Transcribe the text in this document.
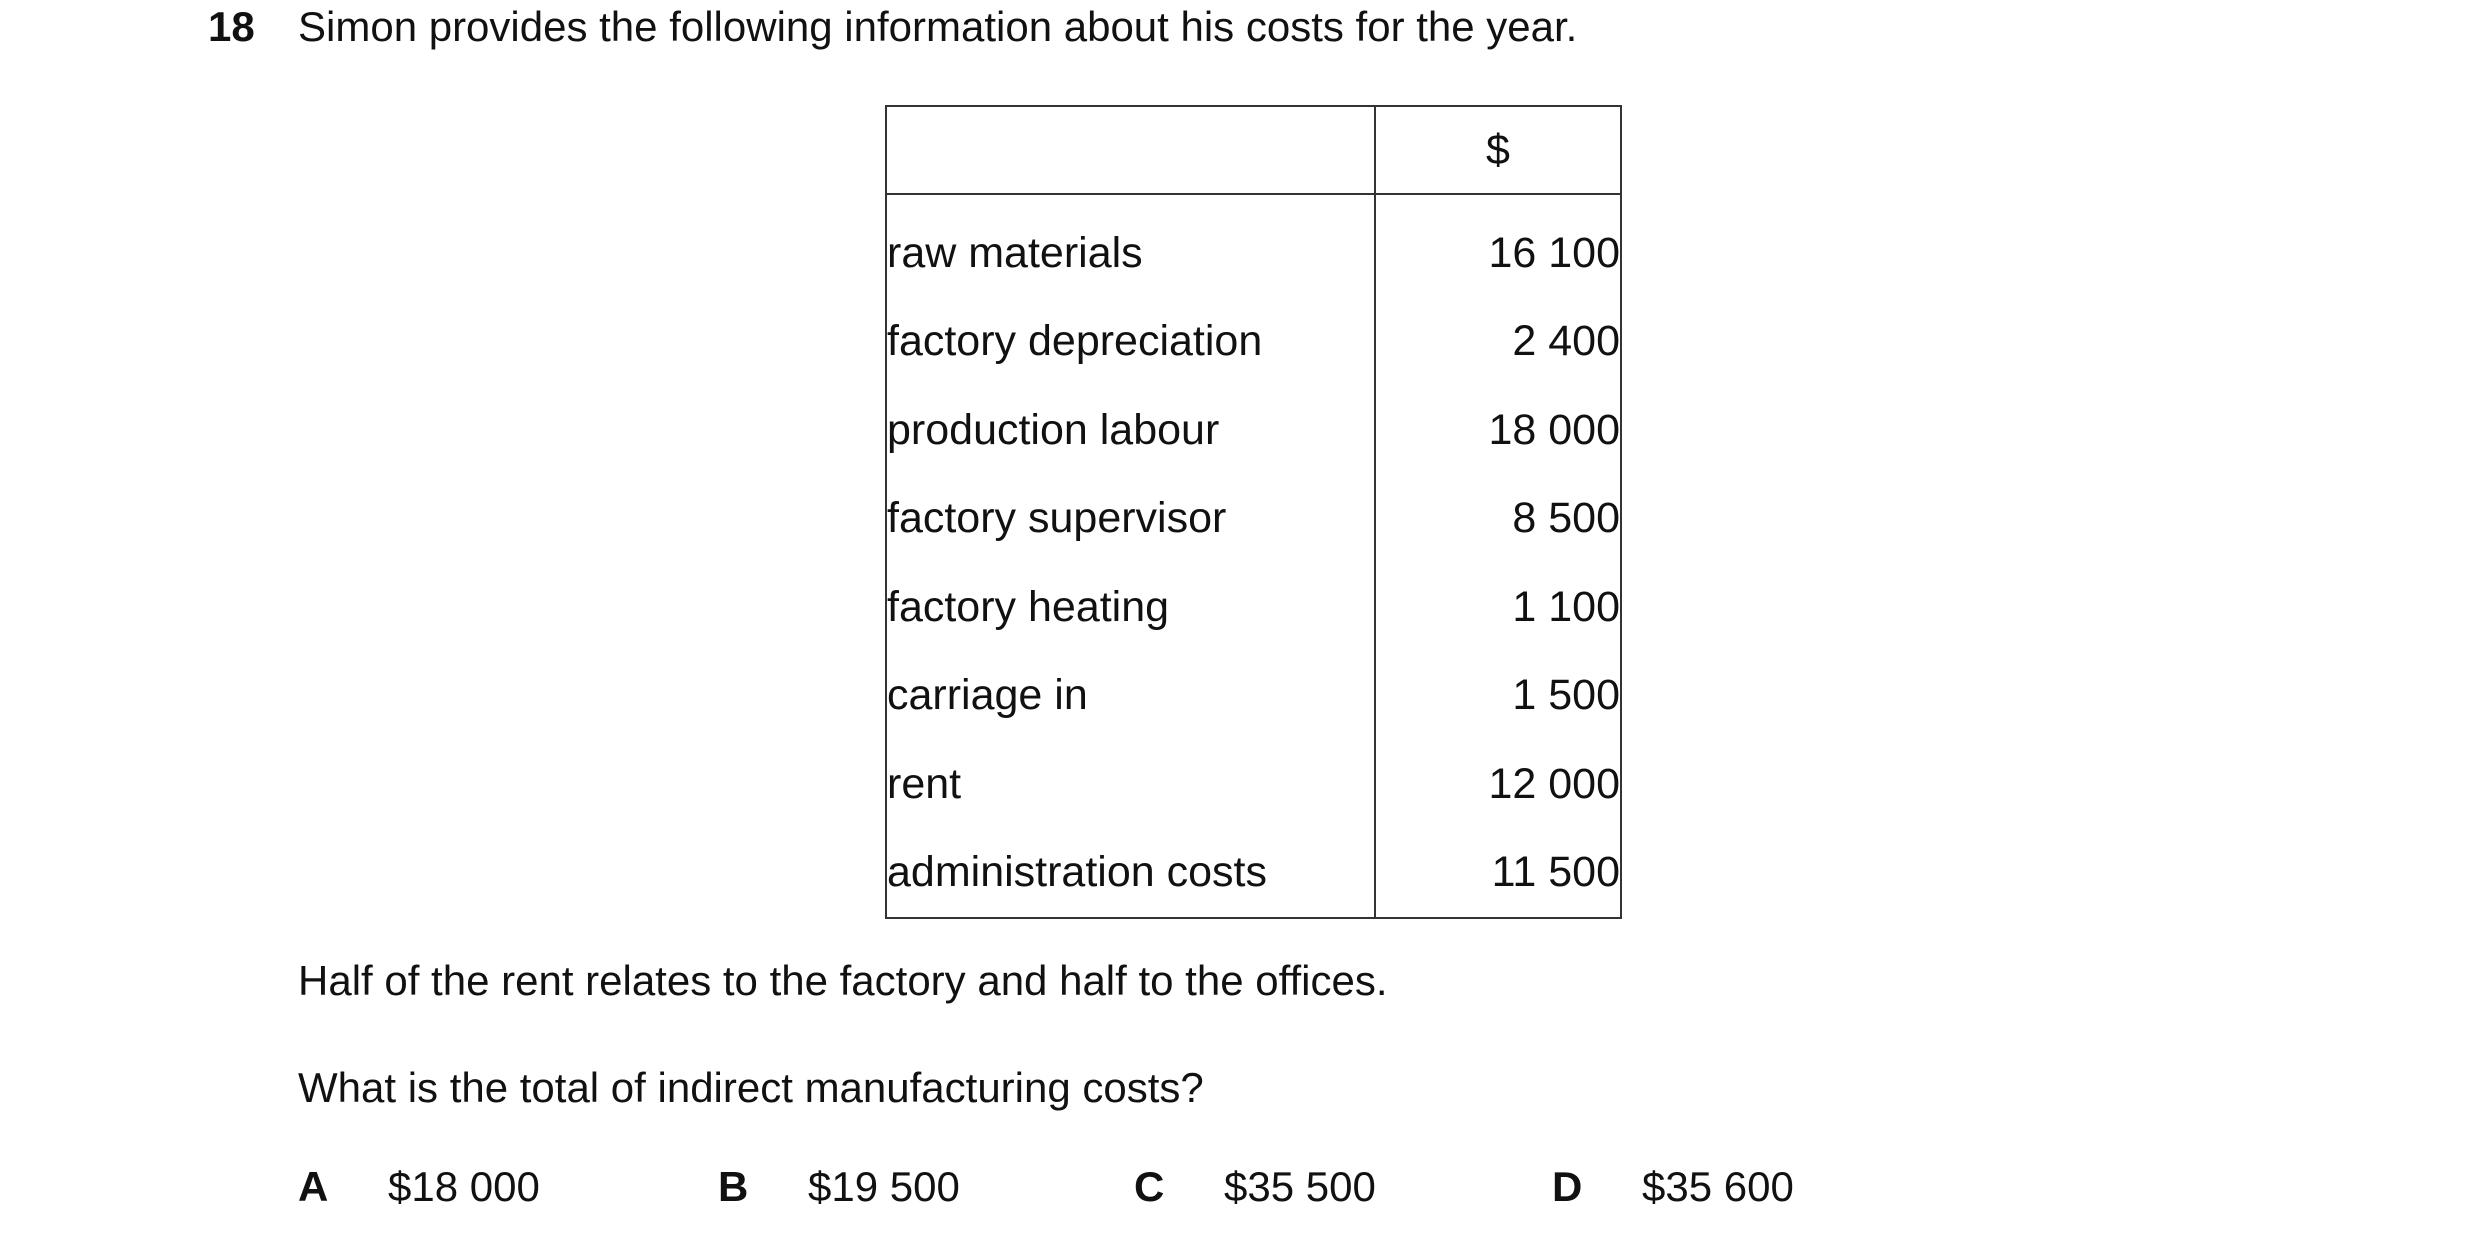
18 Simon provides the following information about his costs for the year.
	$
raw materials	16 100
factory depreciation	2 400
production labour	18 000
factory supervisor	8 500
factory heating	1 100
carriage in	1 500
rent	12 000
administration costs	11 500
Half of the rent relates to the factory and half to the offices.
What is the total of indirect manufacturing costs?
A $18 000	B $19 500	C $35 500	D $35 600
